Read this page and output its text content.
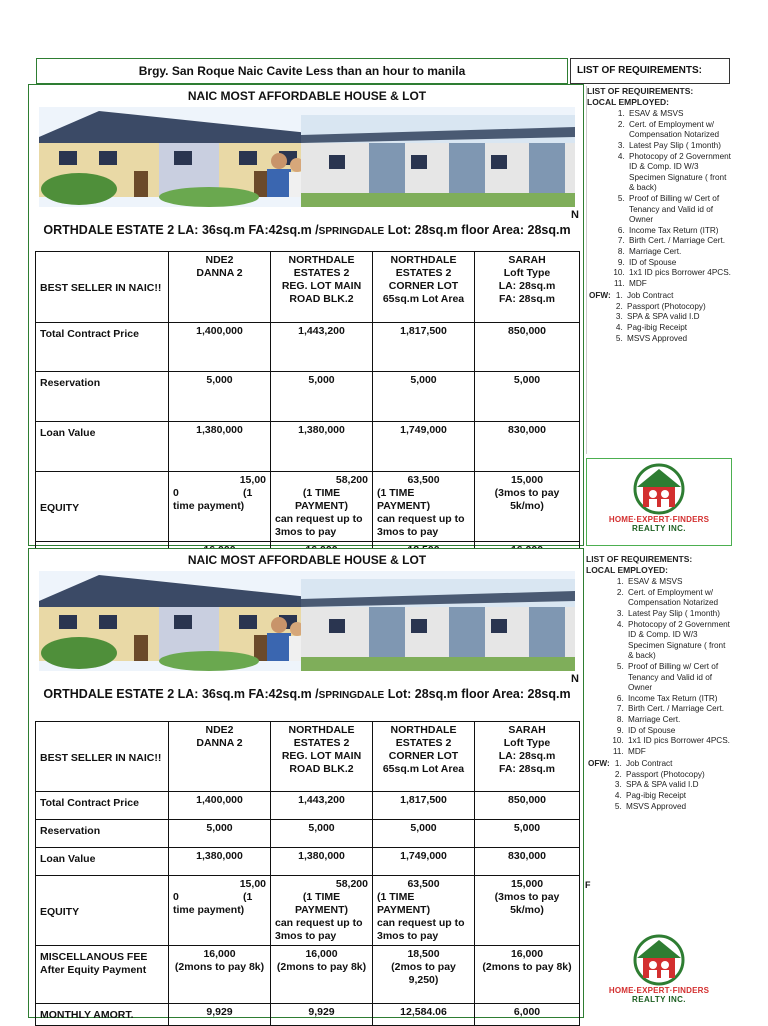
Brgy. San Roque Naic Cavite Less than an hour to manila	LIST OF REQUIREMENTS:
NAIC MOST AFFORDABLE HOUSE & LOT
N
ORTHDALE ESTATE 2 LA: 36sq.m FA:42sq.m /SPRINGDALE Lot: 28sq.m floor Area: 28sq.m
BEST SELLER IN NAIC!!	NDE2
DANNA 2	NORTHDALE
ESTATES 2
REG. LOT MAIN
ROAD BLK.2	NORTHDALE
ESTATES 2
CORNER LOT
65sq.m Lot Area	SARAH
Loft Type
LA: 28sq.m
FA: 28sq.m
Total Contract Price	1,400,000	1,443,200	1,817,500	850,000
Reservation	5,000	5,000	5,000	5,000
Loan Value	1,380,000	1,380,000	1,749,000	830,000
EQUITY	15,00
0                      (1
time payment)	58,200
(1 TIME PAYMENT)
can request up to
3mos to pay	63,500
(1 TIME PAYMENT)
can request up to
3mos to pay	15,000
(3mos to pay
5k/mo)

LIST OF REQUIREMENTS:
LOCAL EMPLOYED:
1. ESAV & MSVS
2. Cert. of Employment w/ Compensation Notarized
3. Latest Pay Slip ( 1month)
4. Photocopy of 2 Government ID & Comp. ID W/3 Specimen Signature ( front & back)
5. Proof of Billing w/ Cert of Tenancy and Valid id of Owner
6. Income Tax Return (ITR)
7. Birth Cert. / Marriage Cert.
8. Marriage Cert.
9. ID of Spouse
10. 1x1 ID pics Borrower 4PCS.
11. MDF
OFW: 1. Job Contract
2. Passport (Photocopy)
3. SPA & SPA valid I.D
4. Pag-ibig Receipt
5. MSVS Approved
HOME·EXPERT·FINDERS
REALTY INC.
NAIC MOST AFFORDABLE HOUSE & LOT
N
ORTHDALE ESTATE 2 LA: 36sq.m FA:42sq.m /SPRINGDALE Lot: 28sq.m floor Area: 28sq.m
BEST SELLER IN NAIC!!	NDE2
DANNA 2	NORTHDALE
ESTATES 2
REG. LOT MAIN
ROAD BLK.2	NORTHDALE
ESTATES 2
CORNER LOT
65sq.m Lot Area	SARAH
Loft Type
LA: 28sq.m
FA: 28sq.m
Total Contract Price	1,400,000	1,443,200	1,817,500	850,000
Reservation	5,000	5,000	5,000	5,000
Loan Value	1,380,000	1,380,000	1,749,000	830,000
EQUITY	15,00
0                      (1
time payment)	58,200
(1 TIME PAYMENT)
can request up to
3mos to pay	63,500
(1 TIME PAYMENT)
can request up to
3mos to pay	15,000
(3mos to pay
5k/mo)
MISCELLANOUS FEE
After Equity Payment	16,000
(2mons to pay 8k)	16,000
(2mons to pay 8k)	18,500
(2mos to pay
9,250)	16,000
(2mons to pay 8k)
MONTHLY AMORT.	9,929	9,929	12,584.06	6,000
LIST OF REQUIREMENTS:
LOCAL EMPLOYED:
1. ESAV & MSVS
2. Cert. of Employment w/ Compensation Notarized
3. Latest Pay Slip ( 1month)
4. Photocopy of 2 Government ID & Comp. ID W/3 Specimen Signature ( front & back)
5. Proof of Billing w/ Cert of Tenancy and Valid id of Owner
6. Income Tax Return (ITR)
7. Birth Cert. / Marriage Cert.
8. Marriage Cert.
9. ID of Spouse
10. 1x1 ID pics Borrower 4PCS.
11. MDF
OFW: 1. Job Contract
2. Passport (Photocopy)
3. SPA & SPA valid I.D
4. Pag-ibig Receipt
5. MSVS Approved
F
HOME·EXPERT·FINDERS
REALTY INC.
